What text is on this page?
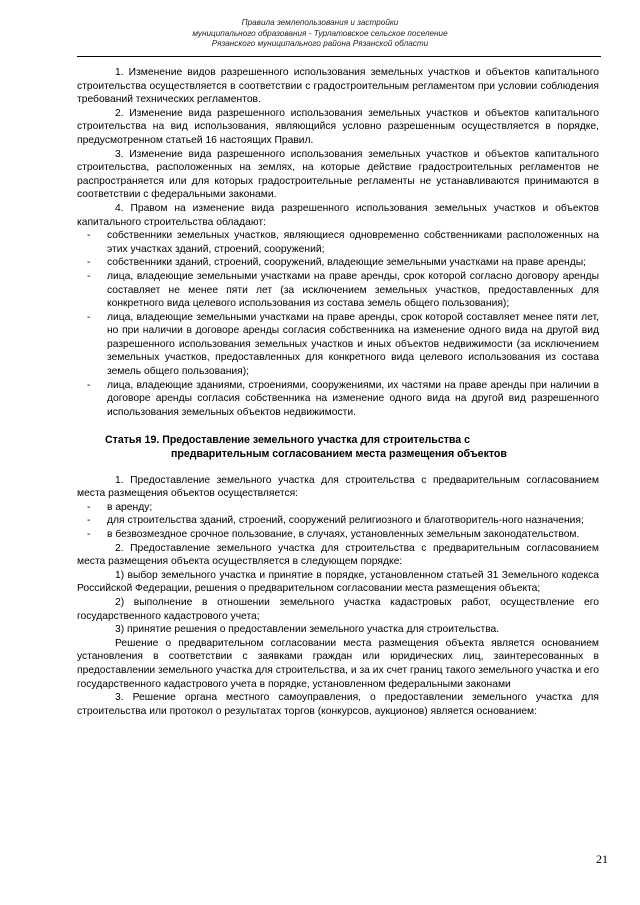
Правила землепользования и застройки
муниципального образования - Турлатовское сельское поселение
Рязанского муниципального района Рязанской области

1. Изменение видов разрешенного использования земельных участков и объектов капитального строительства осуществляется в соответствии с градостроительным регламентом при условии соблюдения требований технических регламентов.

2. Изменение вида разрешенного использования земельных участков и объектов капитального строительства на вид использования, являющийся условно разрешенным осуществляется в порядке, предусмотренном статьей 16 настоящих Правил.

3. Изменение вида разрешенного использования земельных участков и объектов капитального строительства, расположенных на землях, на которые действие градостроительных регламентов не распространяется или для которых градостроительные регламенты не устанавливаются принимаются в соответствии с федеральными законами.

4. Правом на изменение вида разрешенного использования земельных участков и объектов капитального строительства обладают:

- собственники земельных участков, являющиеся одновременно собственниками расположенных на этих участках зданий, строений, сооружений;
- собственники зданий, строений, сооружений, владеющие земельными участками на праве аренды;
- лица, владеющие земельными участками на праве аренды, срок которой согласно договору аренды составляет не менее пяти лет (за исключением земельных участков, предоставленных для конкретного вида целевого использования из состава земель общего пользования);
- лица, владеющие земельными участками на праве аренды, срок которой составляет менее пяти лет, но при наличии в договоре аренды согласия собственника на изменение одного вида на другой вид разрешенного использования земельных участков и иных объектов недвижимости (за исключением земельных участков, предоставленных для конкретного вида целевого использования из состава земель общего пользования);
- лица, владеющие зданиями, строениями, сооружениями, их частями на праве аренды при наличии в договоре аренды согласия собственника на изменение одного вида на другой вид разрешенного использования земельных объектов недвижимости.
Статья 19. Предоставление земельного участка для строительства с
предварительным согласованием места размещения объектов

1. Предоставление земельного участка для строительства с предварительным согласованием места размещения объектов осуществляется:

- в аренду;
- для строительства зданий, строений, сооружений религиозного и благотворитель-ного назначения;
- в безвозмездное срочное пользование, в случаях, установленных земельным законодательством.

2. Предоставление земельного участка для строительства с предварительным согласованием места размещения объекта осуществляется в следующем порядке:

1) выбор земельного участка и принятие в порядке, установленном статьей 31 Земельного кодекса Российской Федерации, решения о предварительном согласовании места размещения объекта;

2) выполнение в отношении земельного участка кадастровых работ, осуществление его государственного кадастрового учета;

3) принятие решения о предоставлении земельного участка для строительства.

Решение о предварительном согласовании места размещения объекта является основанием установления в соответствии с заявками граждан или юридических лиц, заинтересованных в предоставлении земельного участка для строительства, и за их счет границ такого земельного участка и его государственного кадастрового учета в порядке, установленном федеральными законами

3. Решение органа местного самоуправления, о предоставлении земельного участка для строительства или протокол о результатах торгов (конкурсов, аукционов) является основанием:

21
